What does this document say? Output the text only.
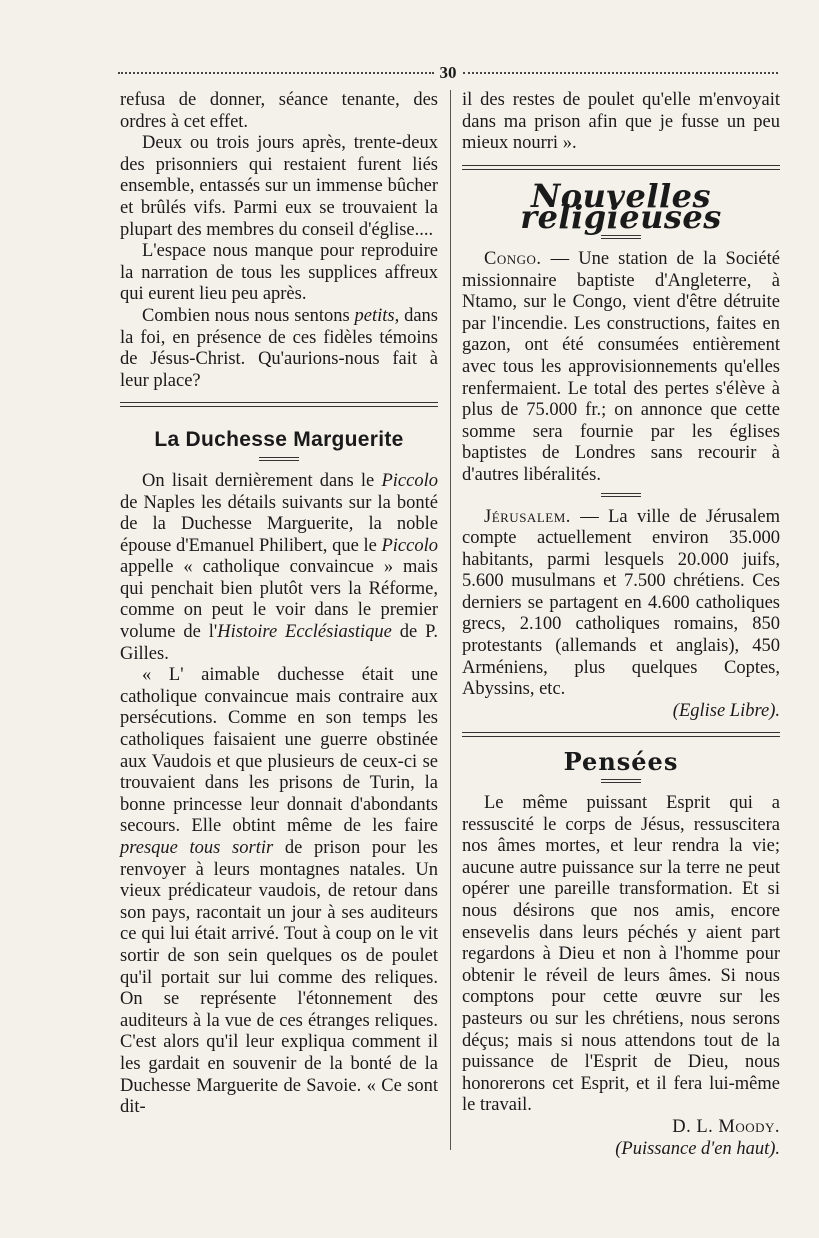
30

refusa de donner, séance tenante, des ordres à cet effet.

Deux ou trois jours après, trente-deux des prisonniers qui restaient furent liés ensemble, entassés sur un immense bûcher et brûlés vifs. Parmi eux se trouvaient la plupart des membres du conseil d'église....

L'espace nous manque pour reproduire la narration de tous les supplices affreux qui eurent lieu peu après.

Combien nous nous sentons petits, dans la foi, en présence de ces fidèles témoins de Jésus-Christ. Qu'aurions-nous fait à leur place?

La Duchesse Marguerite

On lisait dernièrement dans le Piccolo de Naples les détails suivants sur la bonté de la Duchesse Marguerite, la noble épouse d'Emanuel Philibert, que le Piccolo appelle « catholique convaincue » mais qui penchait bien plutôt vers la Réforme, comme on peut le voir dans le premier volume de l'Histoire Ecclésiastique de P. Gilles.

« L' aimable duchesse était une catholique convaincue mais contraire aux persécutions. Comme en son temps les catholiques faisaient une guerre obstinée aux Vaudois et que plusieurs de ceux-ci se trouvaient dans les prisons de Turin, la bonne princesse leur donnait d'abondants secours. Elle obtint même de les faire presque tous sortir de prison pour les renvoyer à leurs montagnes natales. Un vieux prédicateur vaudois, de retour dans son pays, racontait un jour à ses auditeurs ce qui lui était arrivé. Tout à coup on le vit sortir de son sein quelques os de poulet qu'il portait sur lui comme des reliques. On se représente l'étonnement des auditeurs à la vue de ces étranges reliques. C'est alors qu'il leur expliqua comment il les gardait en souvenir de la bonté de la Duchesse Marguerite de Savoie. « Ce sont dit-

il des restes de poulet qu'elle m'envoyait dans ma prison afin que je fusse un peu mieux nourri ».

Nouvelles religieuses

Congo. — Une station de la Société missionnaire baptiste d'Angleterre, à Ntamo, sur le Congo, vient d'être détruite par l'incendie. Les constructions, faites en gazon, ont été consumées entièrement avec tous les approvisionnements qu'elles renfermaient. Le total des pertes s'élève à plus de 75.000 fr.; on annonce que cette somme sera fournie par les églises baptistes de Londres sans recourir à d'autres libéralités.

Jérusalem. — La ville de Jérusalem compte actuellement environ 35.000 habitants, parmi lesquels 20.000 juifs, 5.600 musulmans et 7.500 chrétiens. Ces derniers se partagent en 4.600 catholiques grecs, 2.100 catholiques romains, 850 protestants (allemands et anglais), 450 Arméniens, plus quelques Coptes, Abyssins, etc.

(Eglise Libre).

Pensées

Le même puissant Esprit qui a ressuscité le corps de Jésus, ressuscitera nos âmes mortes, et leur rendra la vie; aucune autre puissance sur la terre ne peut opérer une pareille transformation. Et si nous désirons que nos amis, encore ensevelis dans leurs péchés y aient part regardons à Dieu et non à l'homme pour obtenir le réveil de leurs âmes. Si nous comptons pour cette œuvre sur les pasteurs ou sur les chrétiens, nous serons déçus; mais si nous attendons tout de la puissance de l'Esprit de Dieu, nous honorerons cet Esprit, et il fera lui-même le travail.

D. L. Moody.

(Puissance d'en haut).
